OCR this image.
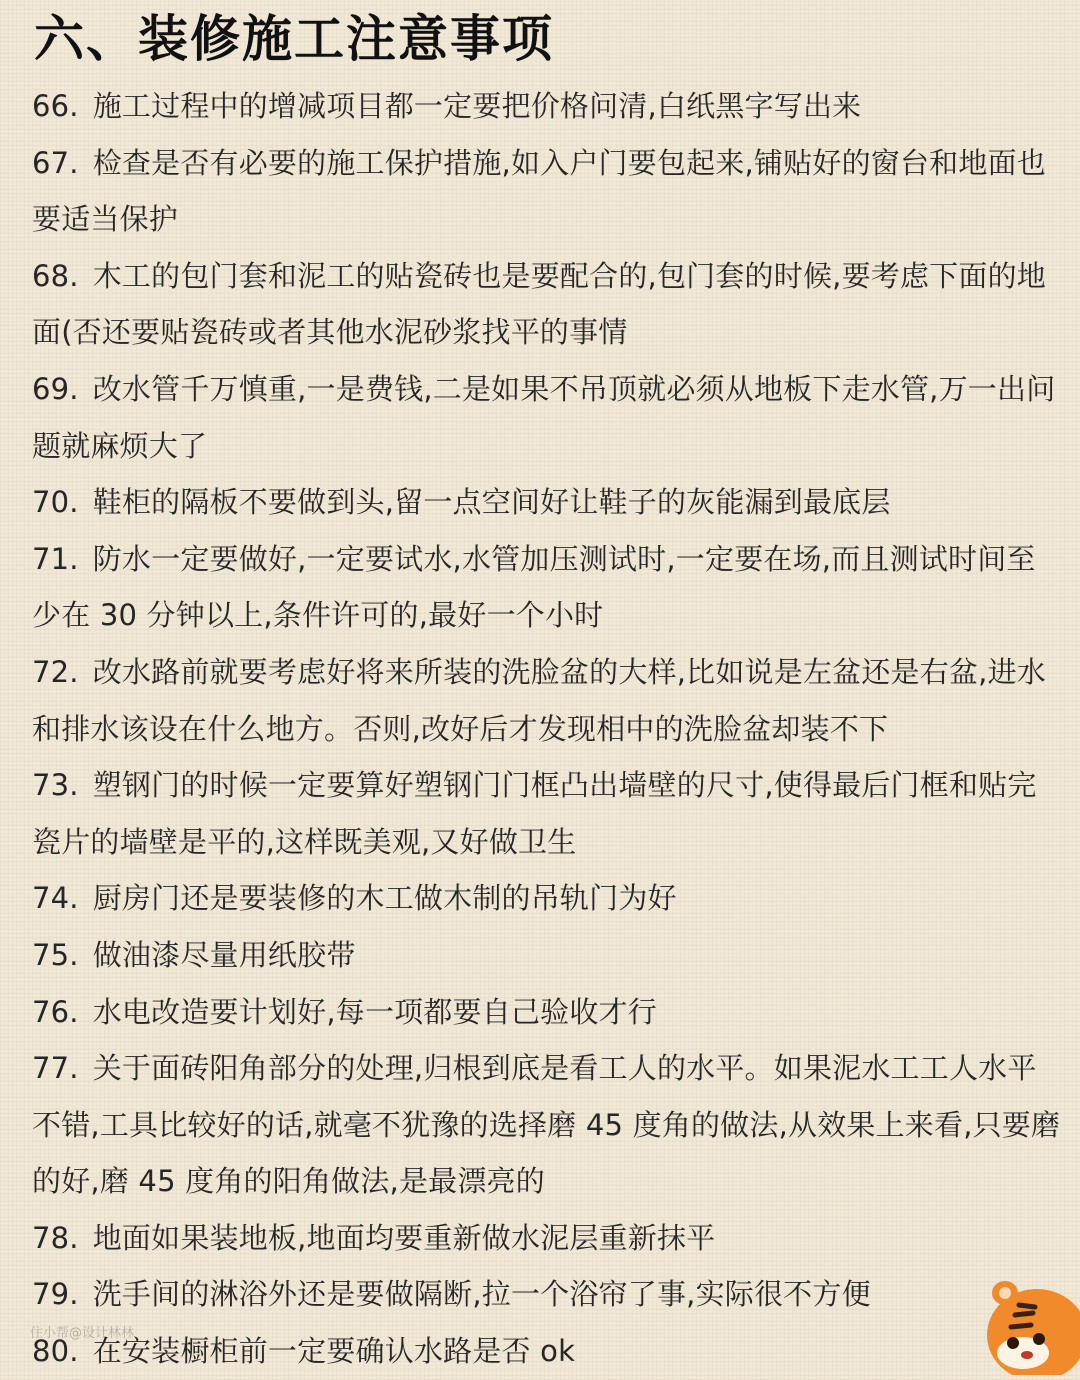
六、装修施工注意事项

66. 施工过程中的增减项目都一定要把价格问清,白纸黑字写出来

67. 检查是否有必要的施工保护措施,如入户门要包起来,铺贴好的窗台和地面也要适当保护

68. 木工的包门套和泥工的贴瓷砖也是要配合的,包门套的时候,要考虑下面的地面(否还要贴瓷砖或者其他水泥砂浆找平的事情

69. 改水管千万慎重,一是费钱,二是如果不吊顶就必须从地板下走水管,万一出问题就麻烦大了

70. 鞋柜的隔板不要做到头,留一点空间好让鞋子的灰能漏到最底层

71. 防水一定要做好,一定要试水,水管加压测试时,一定要在场,而且测试时间至少在 30 分钟以上,条件许可的,最好一个小时

72. 改水路前就要考虑好将来所装的洗脸盆的大样,比如说是左盆还是右盆,进水和排水该设在什么地方。否则,改好后才发现相中的洗脸盆却装不下

73. 塑钢门的时候一定要算好塑钢门门框凸出墙壁的尺寸,使得最后门框和贴完瓷片的墙壁是平的,这样既美观,又好做卫生

74. 厨房门还是要装修的木工做木制的吊轨门为好

75. 做油漆尽量用纸胶带

76. 水电改造要计划好,每一项都要自己验收才行

77. 关于面砖阳角部分的处理,归根到底是看工人的水平。如果泥水工工人水平不错,工具比较好的话,就毫不犹豫的选择磨 45 度角的做法,从效果上来看,只要磨的好,磨 45 度角的阳角做法,是最漂亮的

78. 地面如果装地板,地面均要重新做水泥层重新抹平

79. 洗手间的淋浴外还是要做隔断,拉一个浴帘了事,实际很不方便

80. 在安装橱柜前一定要确认水路是否 ok

住小帮@设计林林
